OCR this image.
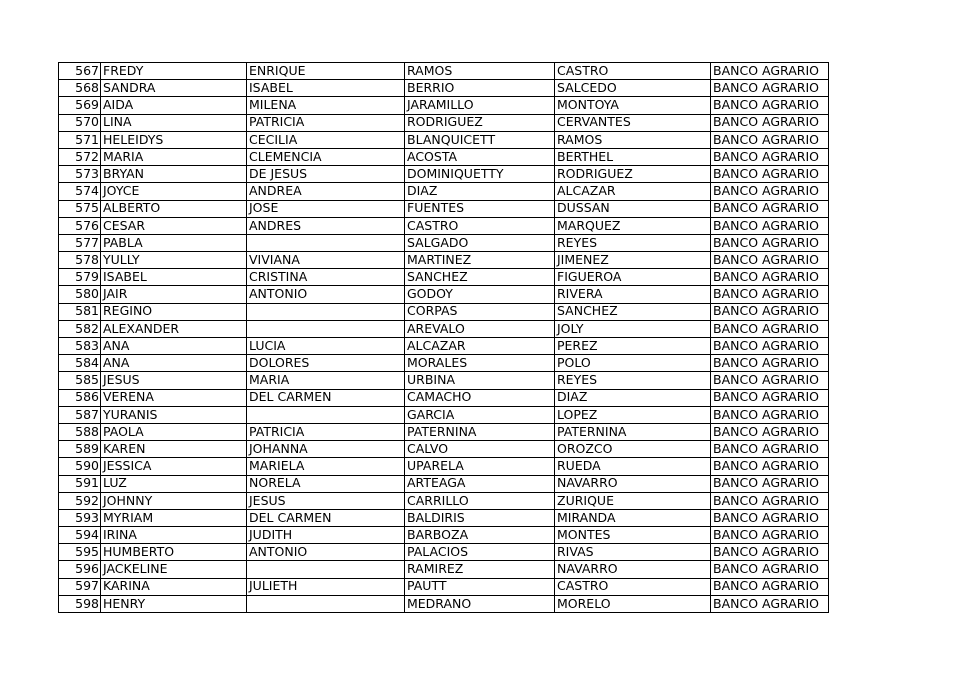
567	FREDY	ENRIQUE	RAMOS	CASTRO	BANCO AGRARIO
568	SANDRA	ISABEL	BERRIO	SALCEDO	BANCO AGRARIO
569	AIDA	MILENA	JARAMILLO	MONTOYA	BANCO AGRARIO
570	LINA	PATRICIA	RODRIGUEZ	CERVANTES	BANCO AGRARIO
571	HELEIDYS	CECILIA	BLANQUICETT	RAMOS	BANCO AGRARIO
572	MARIA	CLEMENCIA	ACOSTA	BERTHEL	BANCO AGRARIO
573	BRYAN	DE JESUS	DOMINIQUETTY	RODRIGUEZ	BANCO AGRARIO
574	JOYCE	ANDREA	DIAZ	ALCAZAR	BANCO AGRARIO
575	ALBERTO	JOSE	FUENTES	DUSSAN	BANCO AGRARIO
576	CESAR	ANDRES	CASTRO	MARQUEZ	BANCO AGRARIO
577	PABLA		SALGADO	REYES	BANCO AGRARIO
578	YULLY	VIVIANA	MARTINEZ	JIMENEZ	BANCO AGRARIO
579	ISABEL	CRISTINA	SANCHEZ	FIGUEROA	BANCO AGRARIO
580	JAIR	ANTONIO	GODOY	RIVERA	BANCO AGRARIO
581	REGINO		CORPAS	SANCHEZ	BANCO AGRARIO
582	ALEXANDER		AREVALO	JOLY	BANCO AGRARIO
583	ANA	LUCIA	ALCAZAR	PEREZ	BANCO AGRARIO
584	ANA	DOLORES	MORALES	POLO	BANCO AGRARIO
585	JESUS	MARIA	URBINA	REYES	BANCO AGRARIO
586	VERENA	DEL CARMEN	CAMACHO	DIAZ	BANCO AGRARIO
587	YURANIS		GARCIA	LOPEZ	BANCO AGRARIO
588	PAOLA	PATRICIA	PATERNINA	PATERNINA	BANCO AGRARIO
589	KAREN	JOHANNA	CALVO	OROZCO	BANCO AGRARIO
590	JESSICA	MARIELA	UPARELA	RUEDA	BANCO AGRARIO
591	LUZ	NORELA	ARTEAGA	NAVARRO	BANCO AGRARIO
592	JOHNNY	JESUS	CARRILLO	ZURIQUE	BANCO AGRARIO
593	MYRIAM	DEL CARMEN	BALDIRIS	MIRANDA	BANCO AGRARIO
594	IRINA	JUDITH	BARBOZA	MONTES	BANCO AGRARIO
595	HUMBERTO	ANTONIO	PALACIOS	RIVAS	BANCO AGRARIO
596	JACKELINE		RAMIREZ	NAVARRO	BANCO AGRARIO
597	KARINA	JULIETH	PAUTT	CASTRO	BANCO AGRARIO
598	HENRY		MEDRANO	MORELO	BANCO AGRARIO
